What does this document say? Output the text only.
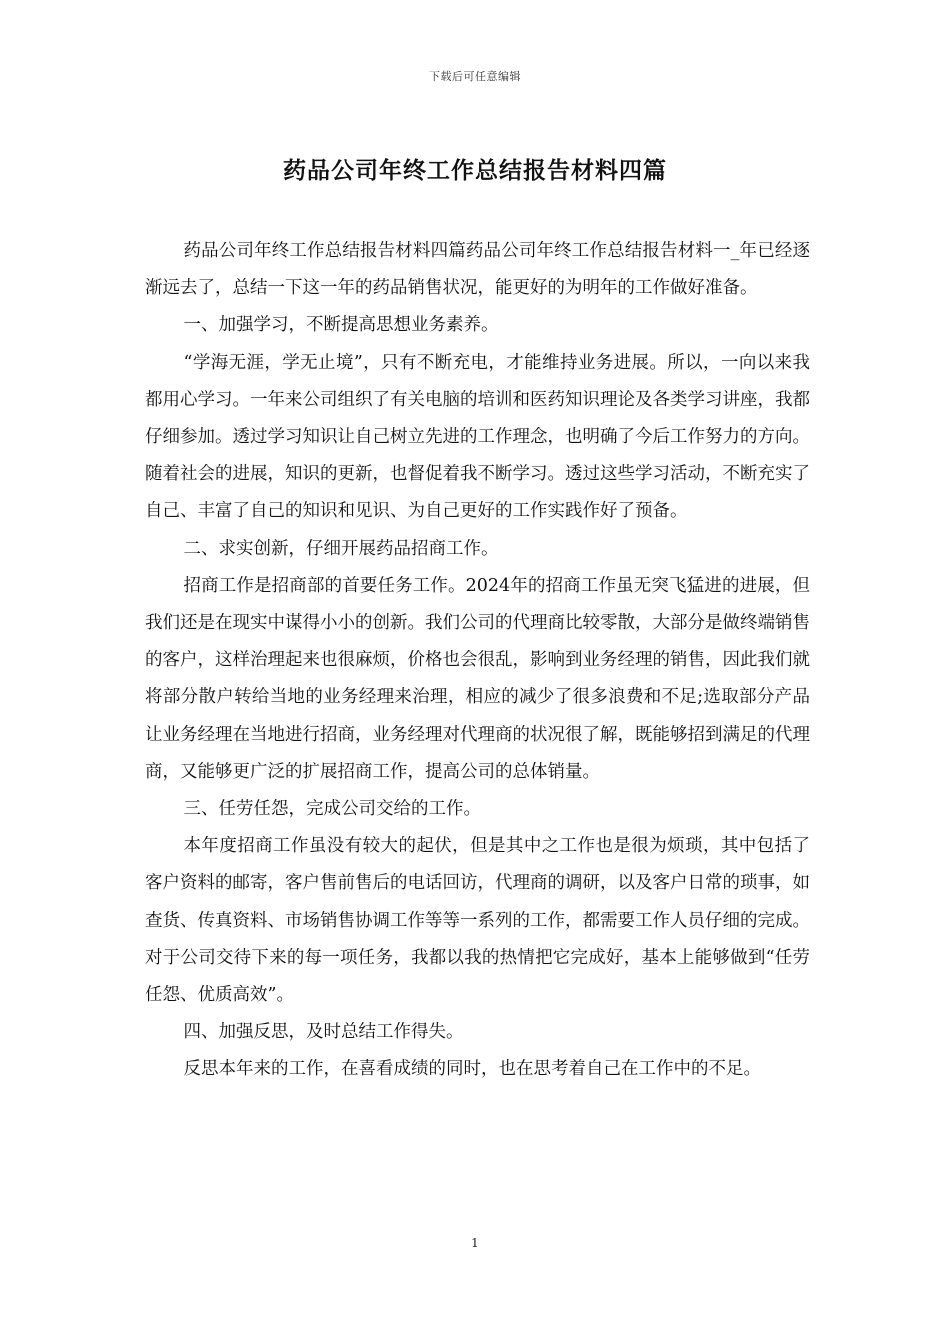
下载后可任意编辑
药品公司年终工作总结报告材料四篇

药品公司年终工作总结报告材料四篇药品公司年终工作总结报告材料一_年已经逐渐远去了，总结一下这一年的药品销售状况，能更好的为明年的工作做好准备。

一、加强学习，不断提高思想业务素养。

“学海无涯，学无止境”，只有不断充电，才能维持业务进展。所以，一向以来我都用心学习。一年来公司组织了有关电脑的培训和医药知识理论及各类学习讲座，我都仔细参加。透过学习知识让自己树立先进的工作理念，也明确了今后工作努力的方向。随着社会的进展，知识的更新，也督促着我不断学习。透过这些学习活动，不断充实了自己、丰富了自己的知识和见识、为自己更好的工作实践作好了预备。

二、求实创新，仔细开展药品招商工作。

招商工作是招商部的首要任务工作。2024年的招商工作虽无突飞猛进的进展，但我们还是在现实中谋得小小的创新。我们公司的代理商比较零散，大部分是做终端销售的客户，这样治理起来也很麻烦，价格也会很乱，影响到业务经理的销售，因此我们就将部分散户转给当地的业务经理来治理，相应的减少了很多浪费和不足;选取部分产品让业务经理在当地进行招商，业务经理对代理商的状况很了解，既能够招到满足的代理商，又能够更广泛的扩展招商工作，提高公司的总体销量。

三、任劳任怨，完成公司交给的工作。

本年度招商工作虽没有较大的起伏，但是其中之工作也是很为烦琐，其中包括了客户资料的邮寄，客户售前售后的电话回访，代理商的调研，以及客户日常的琐事，如查货、传真资料、市场销售协调工作等等一系列的工作，都需要工作人员仔细的完成。对于公司交待下来的每一项任务，我都以我的热情把它完成好，基本上能够做到“任劳任怨、优质高效”。

四、加强反思，及时总结工作得失。

反思本年来的工作，在喜看成绩的同时，也在思考着自己在工作中的不足。

1
